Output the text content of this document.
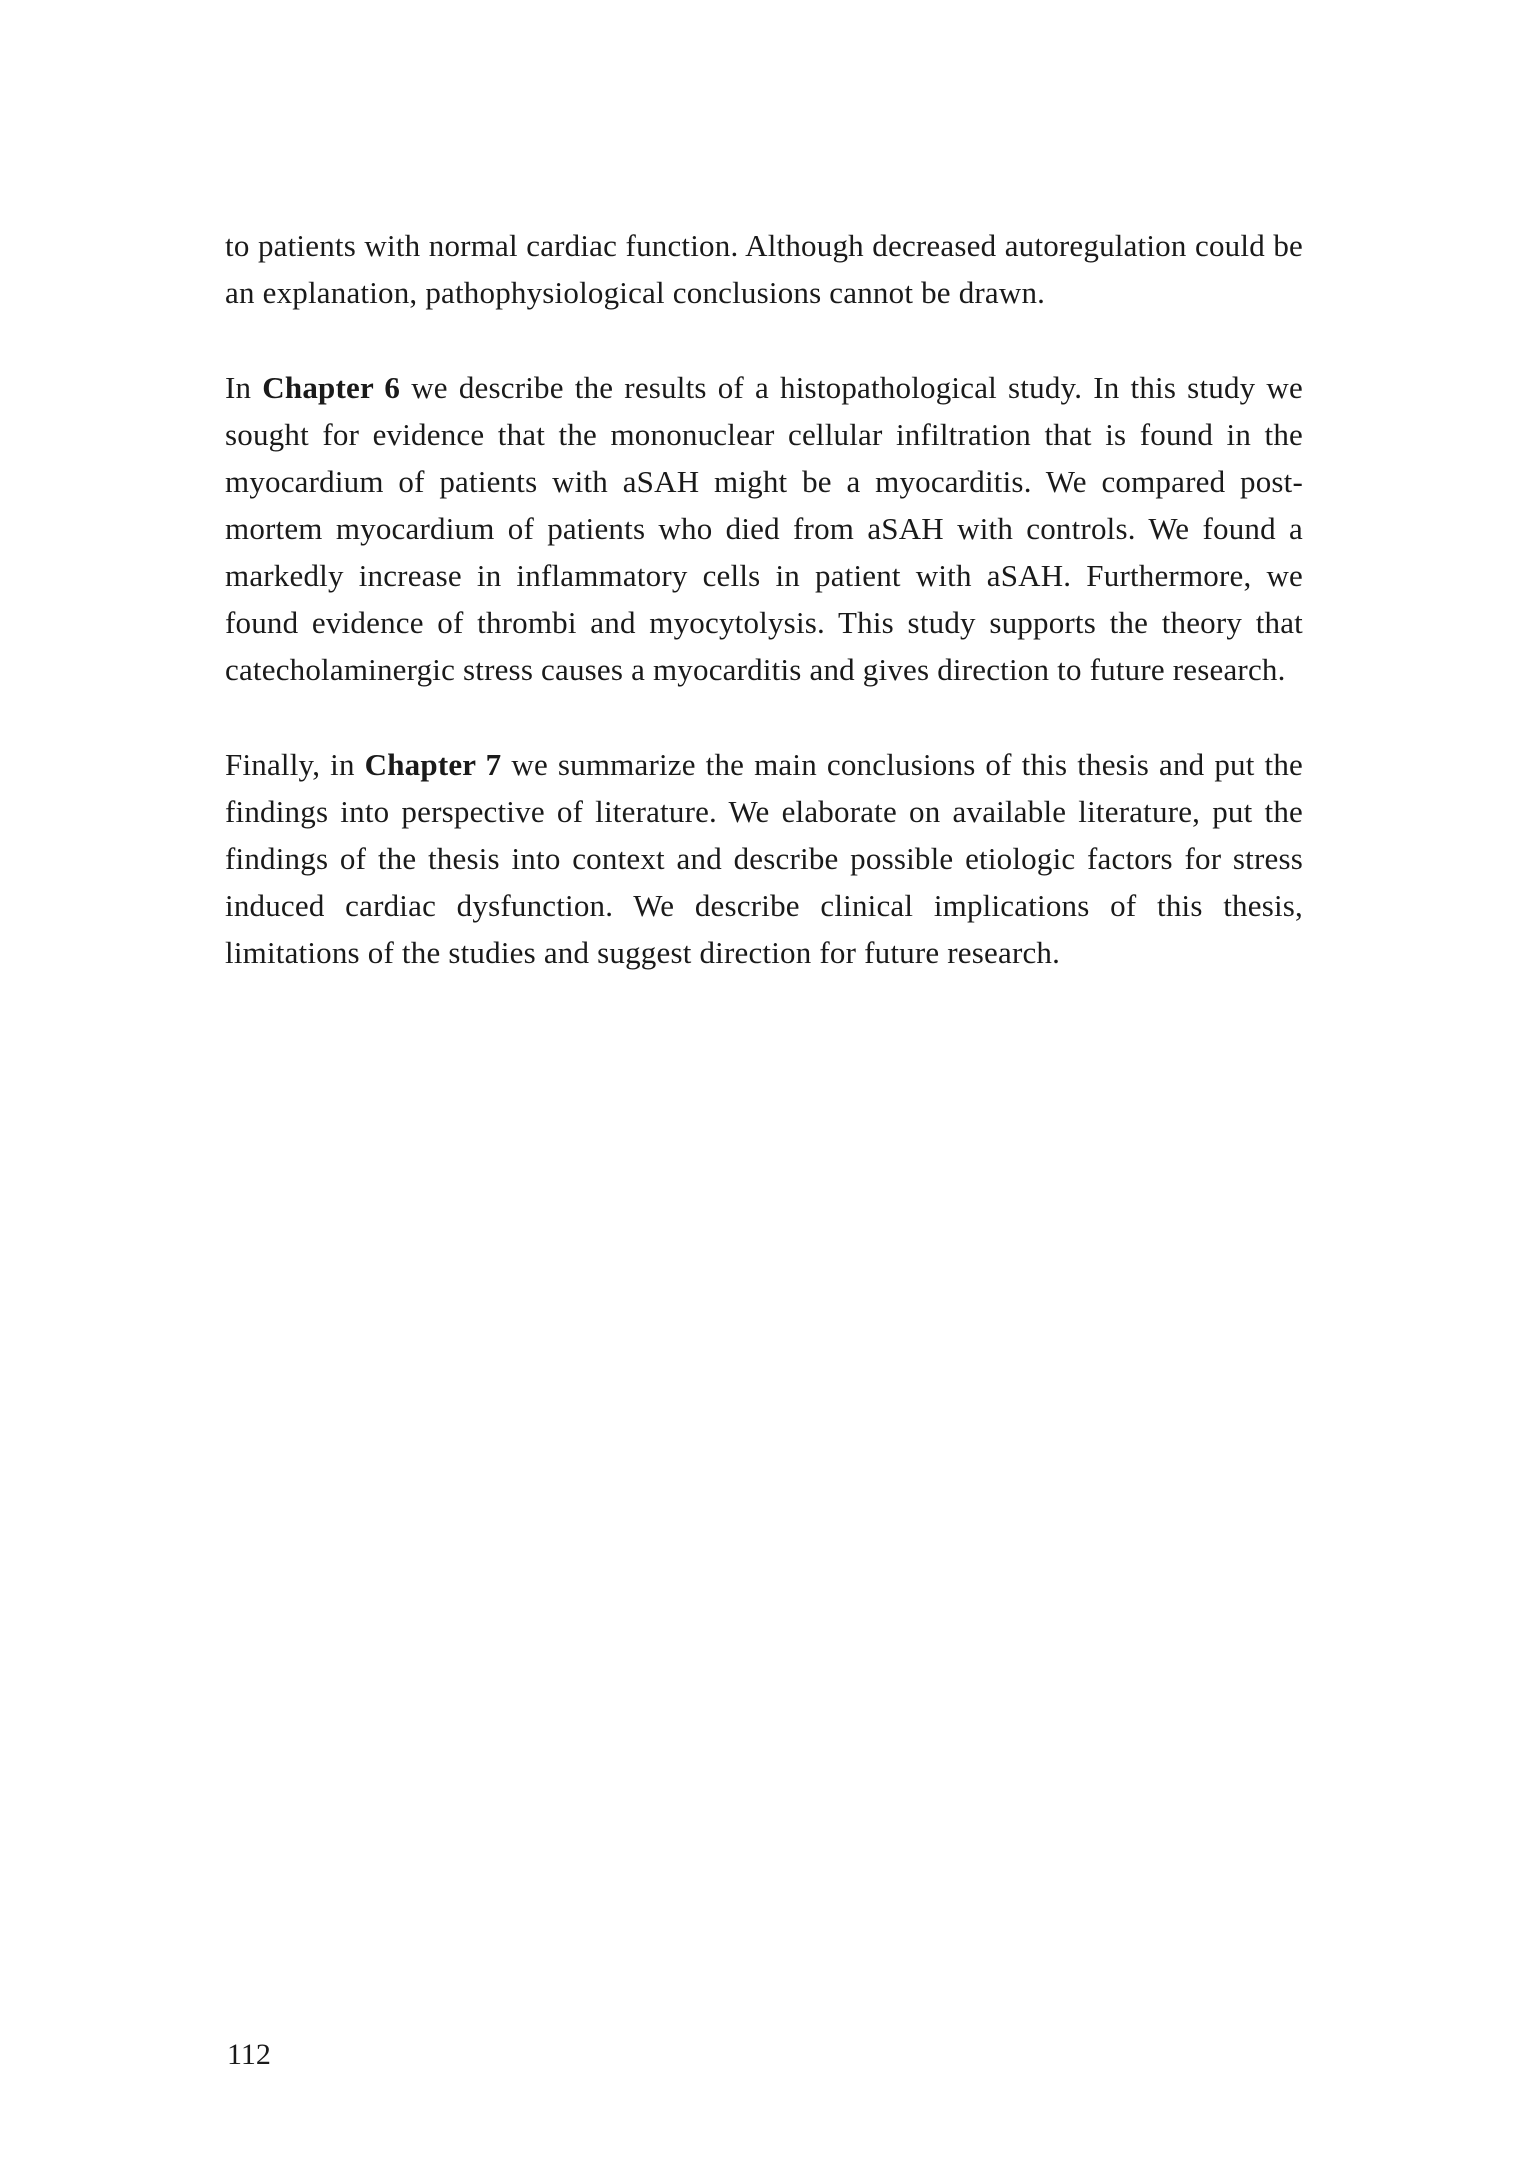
to patients with normal cardiac function. Although decreased autoregulation could be an explanation, pathophysiological conclusions cannot be drawn.

In Chapter 6 we describe the results of a histopathological study. In this study we sought for evidence that the mononuclear cellular infiltration that is found in the myocardium of patients with aSAH might be a myocarditis. We compared post-mortem myocardium of patients who died from aSAH with controls. We found a markedly increase in inflammatory cells in patient with aSAH. Furthermore, we found evidence of thrombi and myocytolysis. This study supports the theory that catecholaminergic stress causes a myocarditis and gives direction to future research.

Finally, in Chapter 7 we summarize the main conclusions of this thesis and put the findings into perspective of literature. We elaborate on available literature, put the findings of the thesis into context and describe possible etiologic factors for stress induced cardiac dysfunction. We describe clinical implications of this thesis, limitations of the studies and suggest direction for future research.

112
